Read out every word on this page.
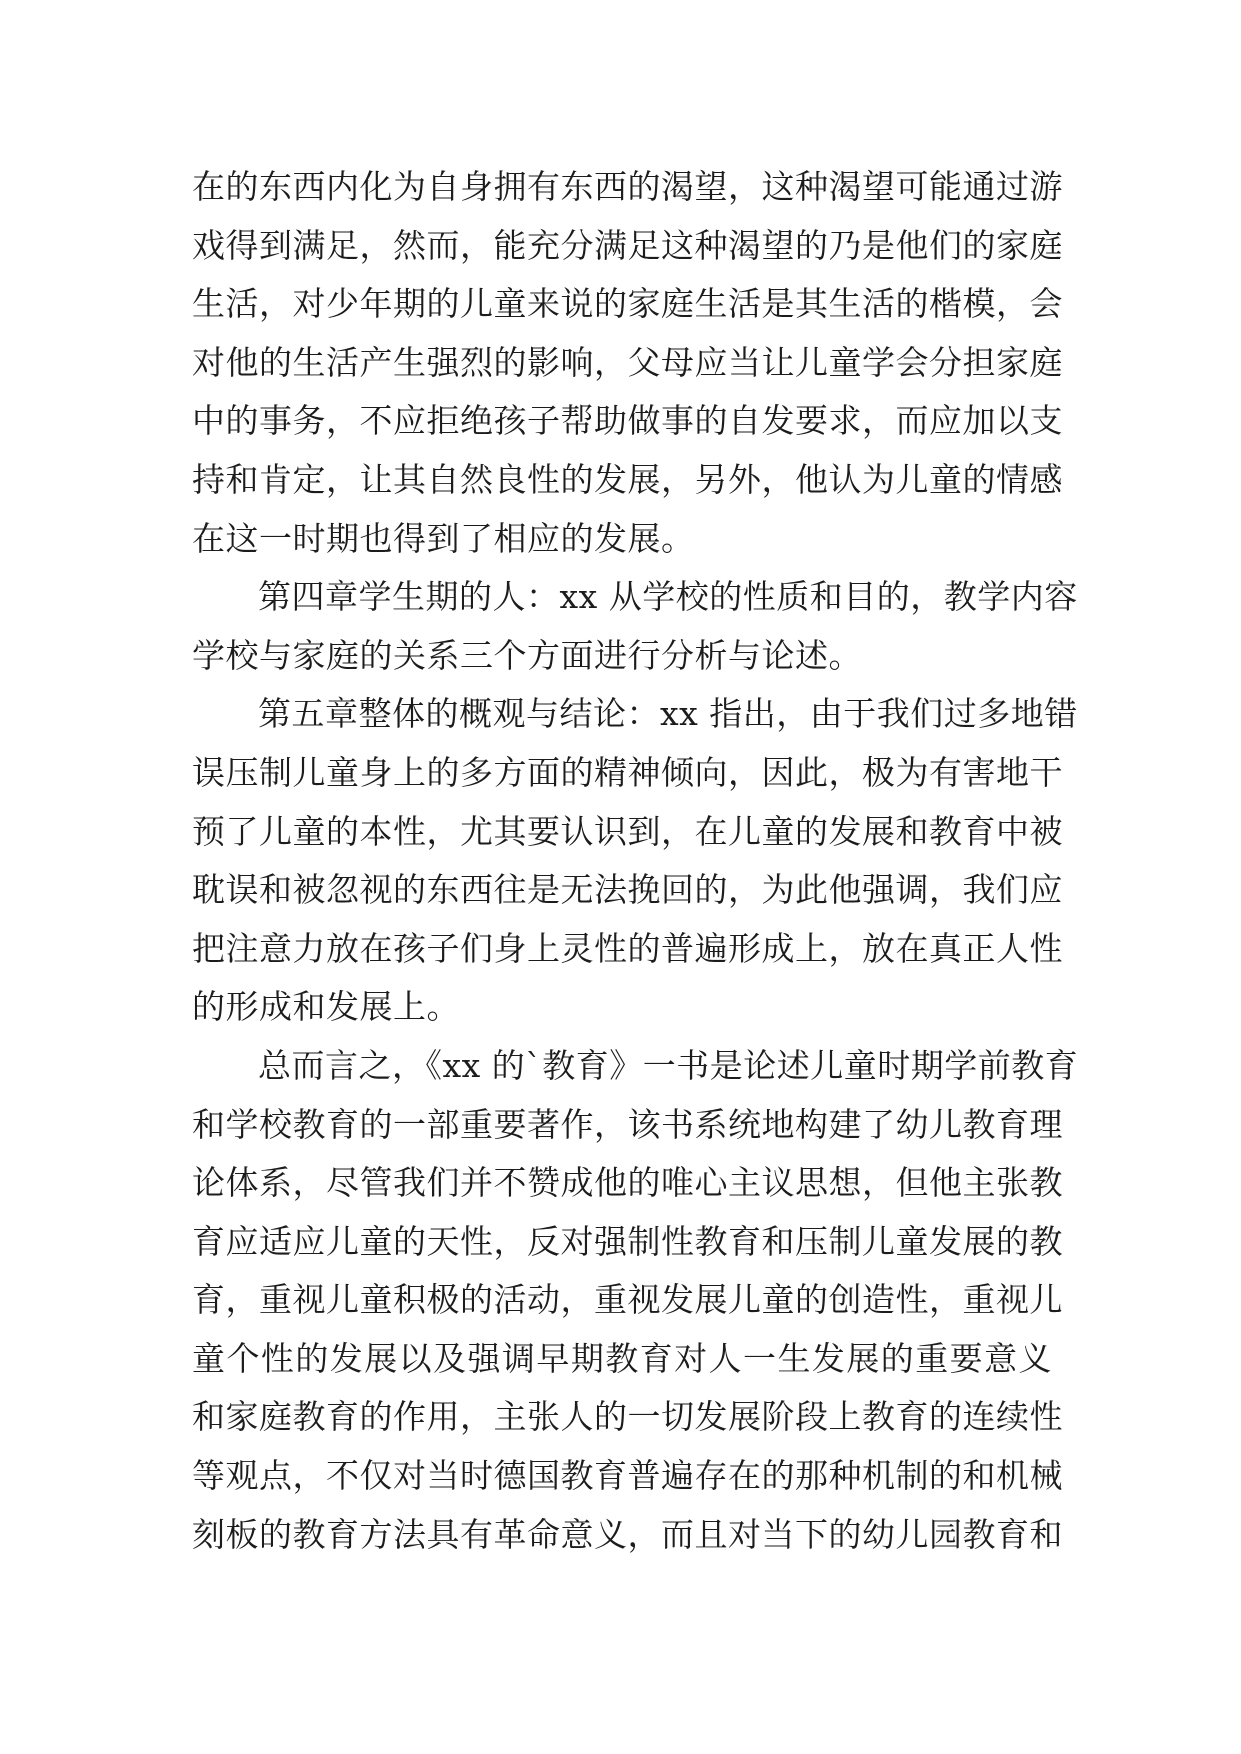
在的东西内化为自身拥有东西的渴望，这种渴望可能通过游
戏得到满足，然而，能充分满足这种渴望的乃是他们的家庭
生活，对少年期的儿童来说的家庭生活是其生活的楷模，会
对他的生活产生强烈的影响，父母应当让儿童学会分担家庭
中的事务，不应拒绝孩子帮助做事的自发要求，而应加以支
持和肯定，让其自然良性的发展，另外，他认为儿童的情感
在这一时期也得到了相应的发展。
第四章学生期的人：xx 从学校的性质和目的，教学内容
学校与家庭的关系三个方面进行分析与论述。
第五章整体的概观与结论：xx 指出，由于我们过多地错
误压制儿童身上的多方面的精神倾向，因此，极为有害地干
预了儿童的本性，尤其要认识到，在儿童的发展和教育中被
耽误和被忽视的东西往是无法挽回的，为此他强调，我们应
把注意力放在孩子们身上灵性的普遍形成上，放在真正人性
的形成和发展上。
总而言之，《xx 的`教育》一书是论述儿童时期学前教育
和学校教育的一部重要著作，该书系统地构建了幼儿教育理
论体系，尽管我们并不赞成他的唯心主议思想，但他主张教
育应适应儿童的天性，反对强制性教育和压制儿童发展的教
育，重视儿童积极的活动，重视发展儿童的创造性，重视儿
童个性的发展以及强调早期教育对人一生发展的重要意义
和家庭教育的作用，主张人的一切发展阶段上教育的连续性
等观点，不仅对当时德国教育普遍存在的那种机制的和机械
刻板的教育方法具有革命意义，而且对当下的幼儿园教育和
